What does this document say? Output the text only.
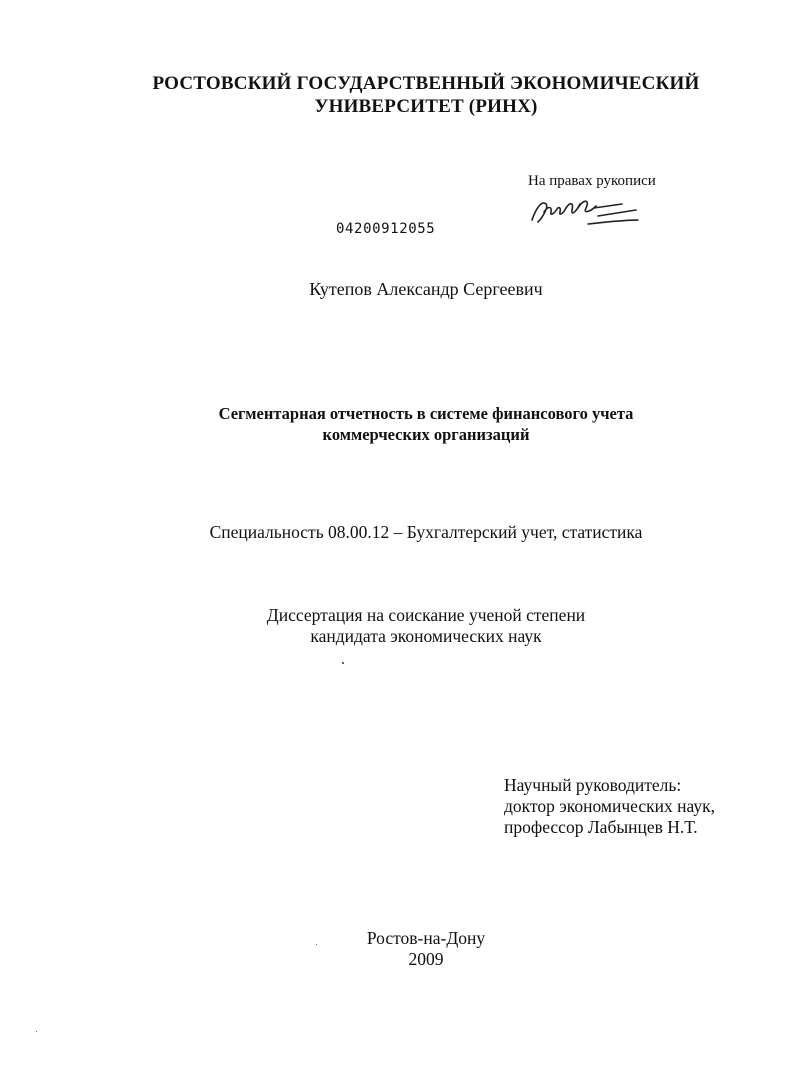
РОСТОВСКИЙ ГОСУДАРСТВЕННЫЙ ЭКОНОМИЧЕСКИЙ
УНИВЕРСИТЕТ (РИНХ)
На правах рукописи
04200912055
Кутепов Александр Сергеевич
Сегментарная отчетность в системе финансового учета
коммерческих организаций
Специальность 08.00.12 – Бухгалтерский учет, статистика
Диссертация на соискание ученой степени
кандидата экономических наук
Научный руководитель:
доктор экономических наук,
профессор Лабынцев Н.Т.
Ростов-на-Дону
2009
